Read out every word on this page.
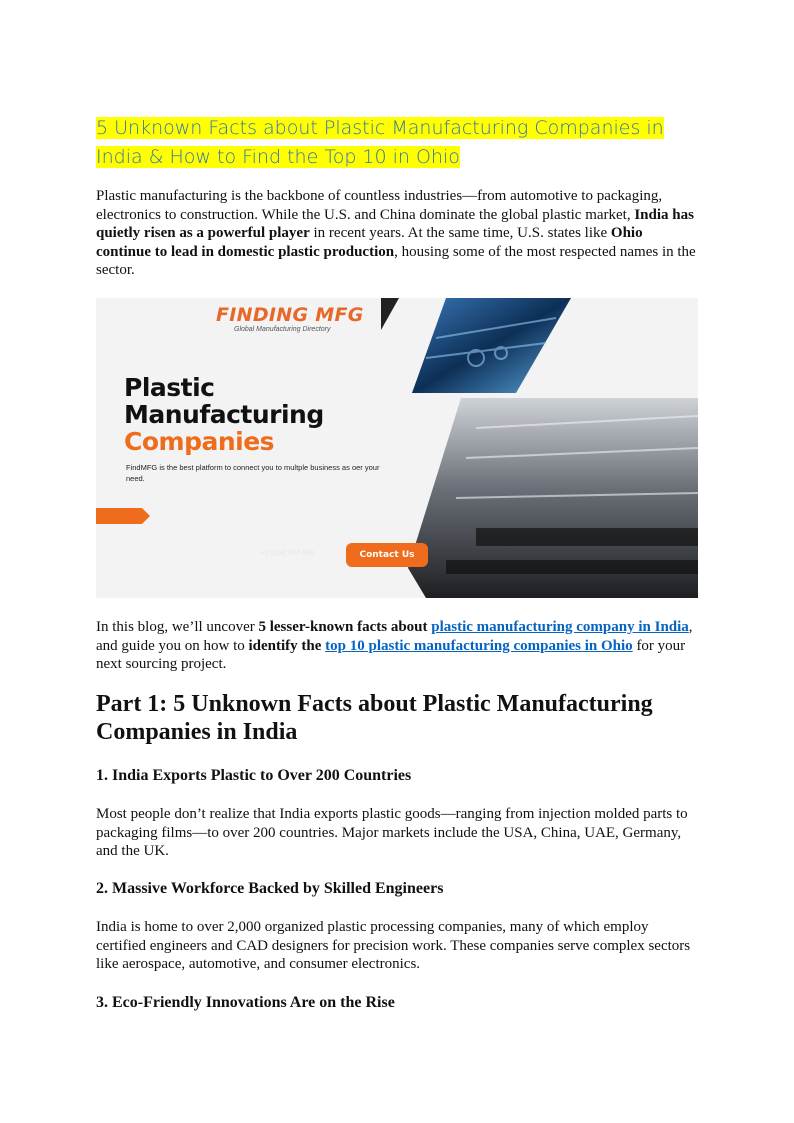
5 Unknown Facts about Plastic Manufacturing Companies in India & How to Find the Top 10 in Ohio

Plastic manufacturing is the backbone of countless industries—from automotive to packaging, electronics to construction. While the U.S. and China dominate the global plastic market, India has quietly risen as a powerful player in recent years. At the same time, U.S. states like Ohio continue to lead in domestic plastic production, housing some of the most respected names in the sector.

FINDING MFG
Global Manufacturing Directory
Plastic
Manufacturing
Companies
FindMFG is the best platform to connect you to multple business as oer your need.
+1 (234) 567-890	Contact Us

In this blog, we’ll uncover 5 lesser-known facts about plastic manufacturing company in India, and guide you on how to identify the top 10 plastic manufacturing companies in Ohio for your next sourcing project.

Part 1: 5 Unknown Facts about Plastic Manufacturing Companies in India
1. India Exports Plastic to Over 200 Countries

Most people don’t realize that India exports plastic goods—ranging from injection molded parts to packaging films—to over 200 countries. Major markets include the USA, China, UAE, Germany, and the UK.

2. Massive Workforce Backed by Skilled Engineers

India is home to over 2,000 organized plastic processing companies, many of which employ certified engineers and CAD designers for precision work. These companies serve complex sectors like aerospace, automotive, and consumer electronics.

3. Eco-Friendly Innovations Are on the Rise
